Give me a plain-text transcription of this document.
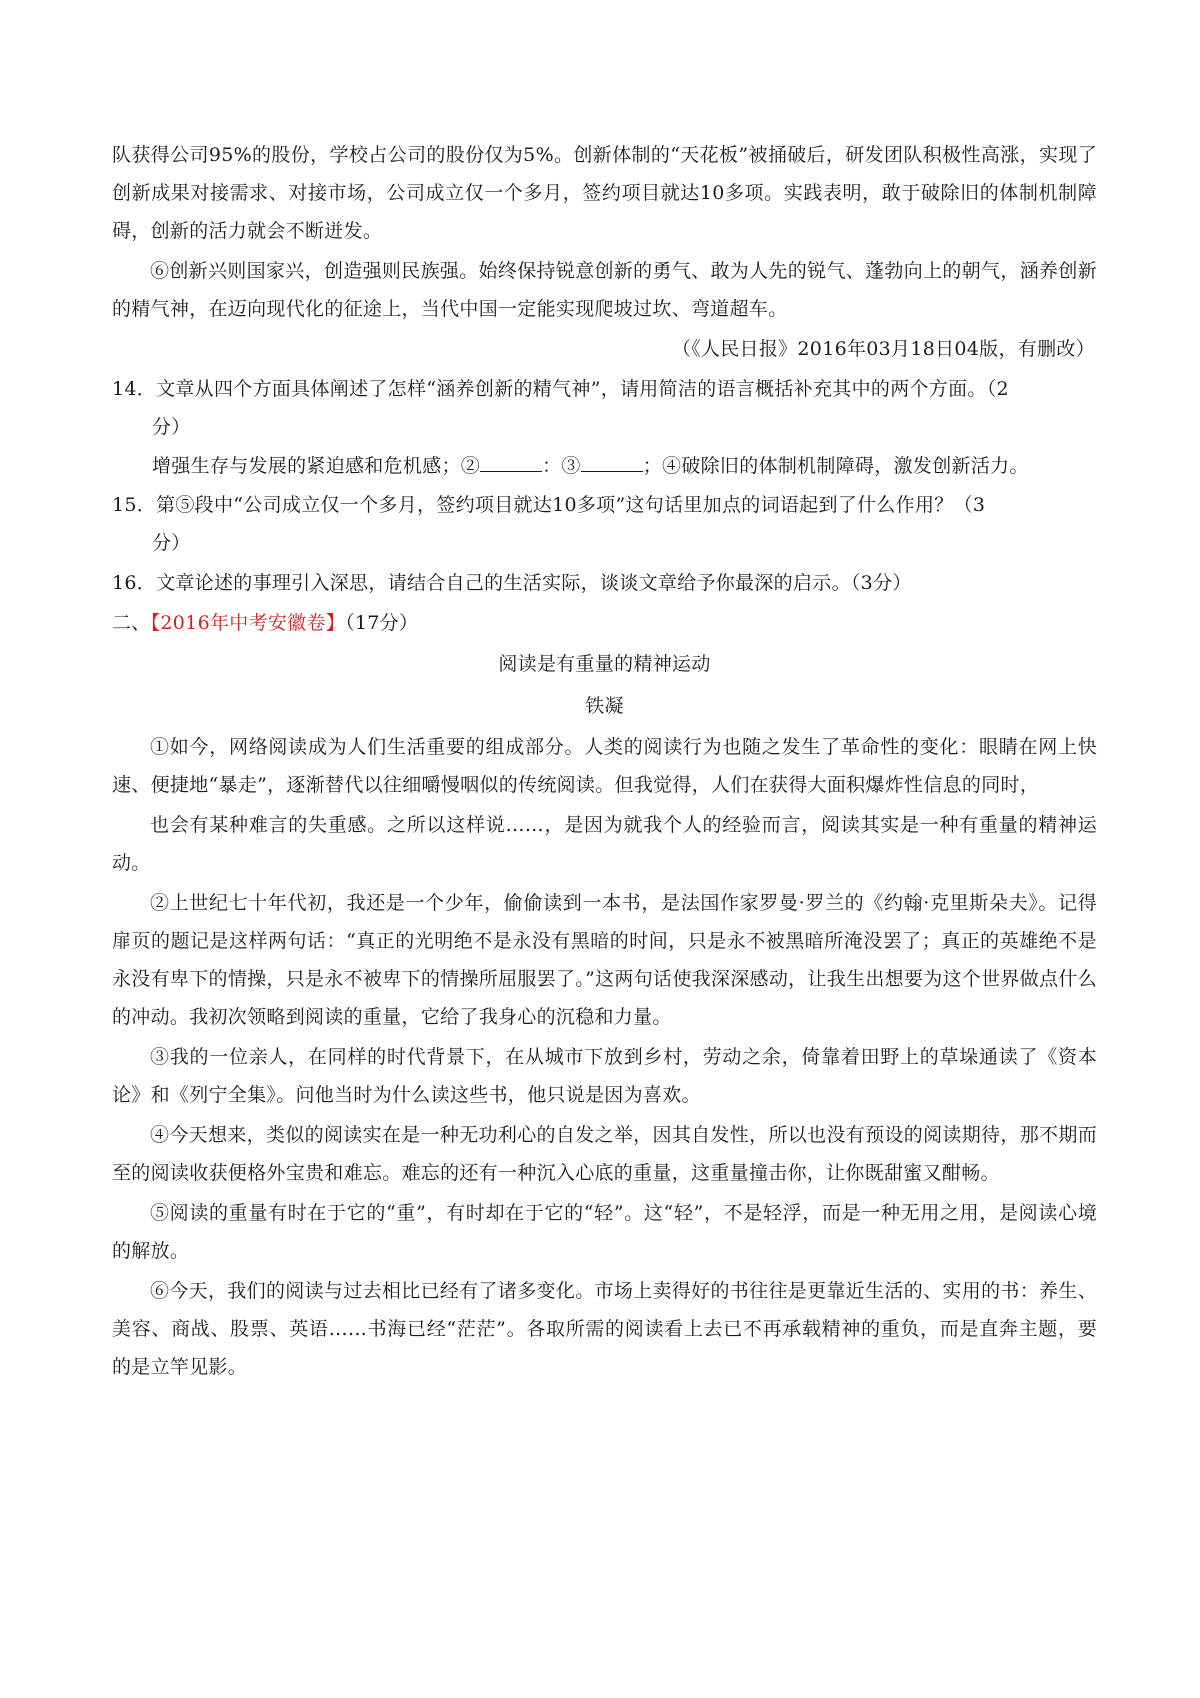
队获得公司95%的股份，学校占公司的股份仅为5%。创新体制的“天花板”被捅破后，研发团队积极性高涨，实现了创新成果对接需求、对接市场，公司成立仅一个多月，签约项目就达10多项。实践表明，敢于破除旧的体制机制障碍，创新的活力就会不断迸发。

⑥创新兴则国家兴，创造强则民族强。始终保持锐意创新的勇气、敢为人先的锐气、蓬勃向上的朝气，涵养创新的精气神，在迈向现代化的征途上，当代中国一定能实现爬坡过坎、弯道超车。

（《人民日报》2016年03月18日04版，有删改）

14．文章从四个方面具体阐述了怎样“涵养创新的精气神”，请用简洁的语言概括补充其中的两个方面。（2
分）
增强生存与发展的紧迫感和危机感；②	：③	；④破除旧的体制机制障碍，激发创新活力。
15．第⑤段中“公司成立仅一个多月，签约项目就达10多项”这句话里加点的词语起到了什么作用？（3
分）
16．文章论述的事理引入深思，请结合自己的生活实际，谈谈文章给予你最深的启示。（3分）
二、【2016年中考安徽卷】（17分）
阅读是有重量的精神运动
铁凝

①如今，网络阅读成为人们生活重要的组成部分。人类的阅读行为也随之发生了革命性的变化：眼睛在网上快速、便捷地“暴走”，逐渐替代以往细嚼慢咽似的传统阅读。但我觉得，人们在获得大面积爆炸性信息的同时，

也会有某种难言的失重感。之所以这样说……，是因为就我个人的经验而言，阅读其实是一种有重量的精神运动。

②上世纪七十年代初，我还是一个少年，偷偷读到一本书，是法国作家罗曼·罗兰的《约翰·克里斯朵夫》。记得扉页的题记是这样两句话：“真正的光明绝不是永没有黑暗的时间，只是永不被黑暗所淹没罢了；真正的英雄绝不是永没有卑下的情操，只是永不被卑下的情操所屈服罢了。”这两句话使我深深感动，让我生出想要为这个世界做点什么的冲动。我初次领略到阅读的重量，它给了我身心的沉稳和力量。

③我的一位亲人，在同样的时代背景下，在从城市下放到乡村，劳动之余，倚靠着田野上的草垛通读了《资本论》和《列宁全集》。问他当时为什么读这些书，他只说是因为喜欢。

④今天想来，类似的阅读实在是一种无功利心的自发之举，因其自发性，所以也没有预设的阅读期待，那不期而至的阅读收获便格外宝贵和难忘。难忘的还有一种沉入心底的重量，这重量撞击你，让你既甜蜜又酣畅。

⑤阅读的重量有时在于它的“重”，有时却在于它的“轻”。这“轻”，不是轻浮，而是一种无用之用，是阅读心境的解放。

⑥今天，我们的阅读与过去相比已经有了诸多变化。市场上卖得好的书往往是更靠近生活的、实用的书：养生、美容、商战、股票、英语……书海已经“茫茫”。各取所需的阅读看上去已不再承载精神的重负，而是直奔主题，要的是立竿见影。
